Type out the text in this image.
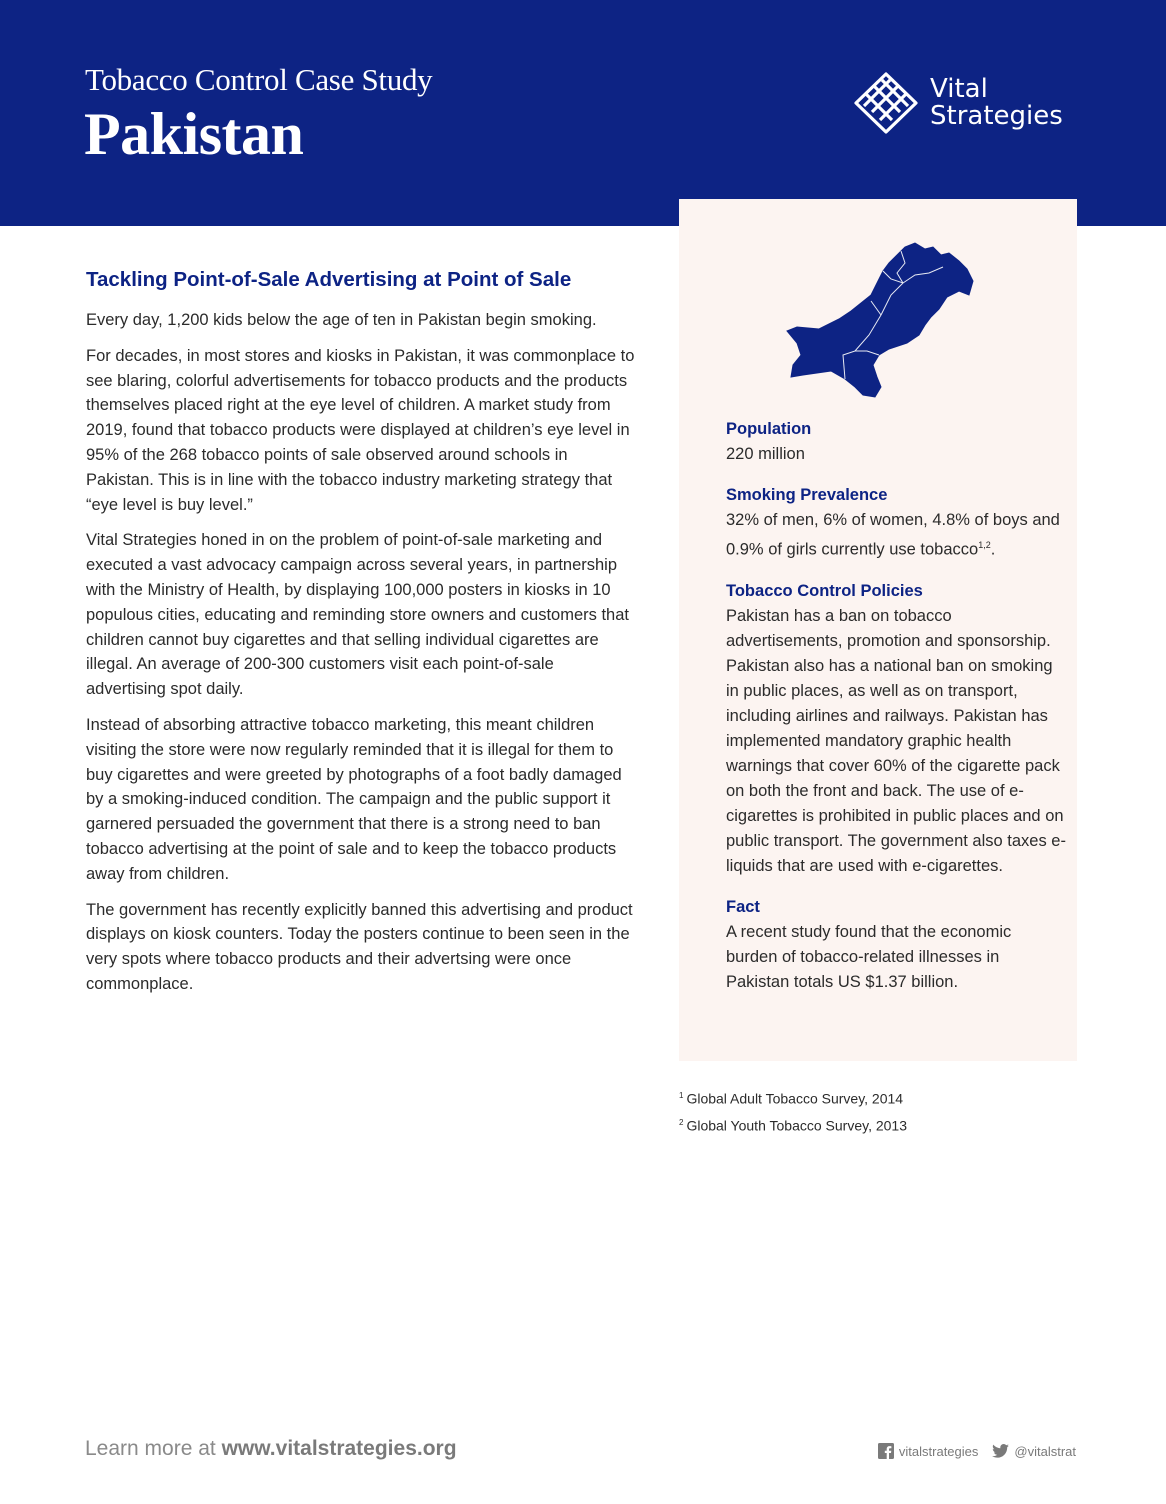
Tobacco Control Case Study
Pakistan
Vital
Strategies
Population
220 million
Smoking Prevalence
32% of men, 6% of women, 4.8% of boys and 0.9% of girls currently use tobacco$^{1,2}$.
Tobacco Control Policies
Pakistan has a ban on tobacco advertisements, promotion and sponsorship. Pakistan also has a national ban on smoking in public places, as well as on transport, including airlines and railways. Pakistan has implemented mandatory graphic health warnings that cover 60% of the cigarette pack on both the front and back. The use of e-cigarettes is prohibited in public places and on public transport. The government also taxes e-liquids that are used with e-cigarettes.
Fact
A recent study found that the economic burden of tobacco-related illnesses in Pakistan totals US $1.37 billion.
Tackling Point-of-Sale Advertising at Point of Sale

Every day, 1,200 kids below the age of ten in Pakistan begin smoking.

For decades, in most stores and kiosks in Pakistan, it was commonplace to see blaring, colorful advertisements for tobacco products and the products themselves placed right at the eye level of children. A market study from 2019, found that tobacco products were displayed at children’s eye level in 95% of the 268 tobacco points of sale observed around schools in Pakistan. This is in line with the tobacco industry marketing strategy that “eye level is buy level.”

Vital Strategies honed in on the problem of point-of-sale marketing and executed a vast advocacy campaign across several years, in partnership with the Ministry of Health, by displaying 100,000 posters in kiosks in 10 populous cities, educating and reminding store owners and customers that children cannot buy cigarettes and that selling individual cigarettes are illegal. An average of 200-300 customers visit each point-of-sale advertising spot daily.

Instead of absorbing attractive tobacco marketing, this meant children visiting the store were now regularly reminded that it is illegal for them to buy cigarettes and were greeted by photographs of a foot badly damaged by a smoking-induced condition. The campaign and the public support it garnered persuaded the government that there is a strong need to ban tobacco advertising at the point of sale and to keep the tobacco products away from children.

The government has recently explicitly banned this advertising and product displays on kiosk counters. Today the posters continue to been seen in the very spots where tobacco products and their advertsing were once commonplace.

$^1$ Global Adult Tobacco Survey, 2014
$^2$ Global Youth Tobacco Survey, 2013
Learn more at www.vitalstrategies.org	vitalstrategies	@vitalstrat
